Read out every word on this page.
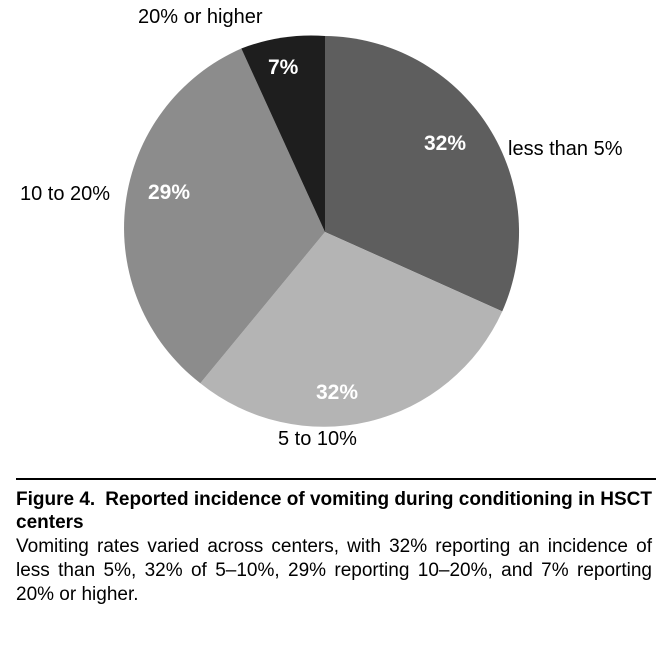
20% or higher
less than 5%
10 to 20%
5 to 10%
7%
32%
29%
32%

Figure 4. Reported incidence of vomiting during conditioning in HSCT centers

Vomiting rates varied across centers, with 32% reporting an incidence of less than 5%, 32% of 5–10%, 29% reporting 10–20%, and 7% reporting 20% or higher.
